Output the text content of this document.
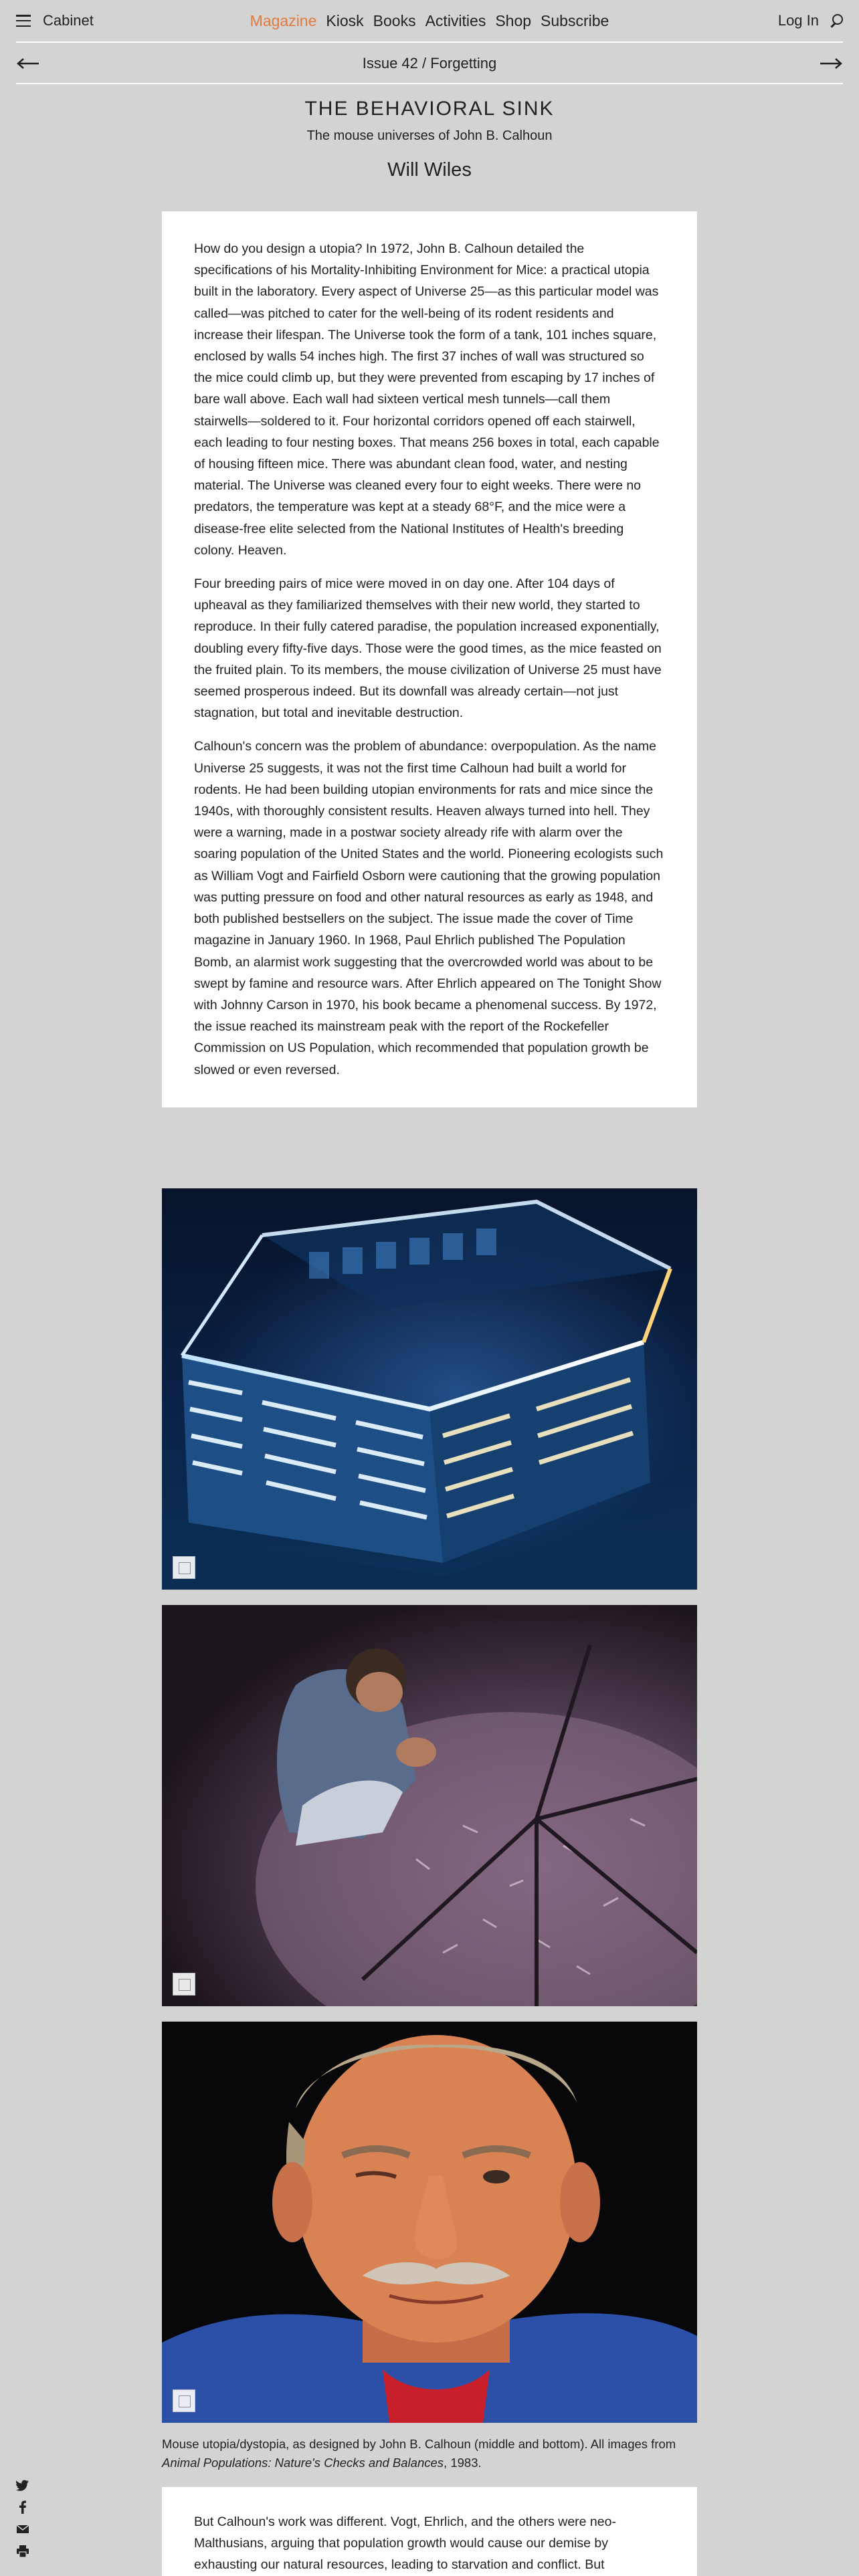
Cabinet	Magazine Kiosk Books Activities Shop Subscribe	Log In
Issue 42 / Forgetting
THE BEHAVIORAL SINK
The mouse universes of John B. Calhoun
Will Wiles

How do you design a utopia? In 1972, John B. Calhoun detailed the specifications of his Mortality-Inhibiting Environment for Mice: a practical utopia built in the laboratory. Every aspect of Universe 25—as this particular model was called—was pitched to cater for the well-being of its rodent residents and increase their lifespan. The Universe took the form of a tank, 101 inches square, enclosed by walls 54 inches high. The first 37 inches of wall was structured so the mice could climb up, but they were prevented from escaping by 17 inches of bare wall above. Each wall had sixteen vertical mesh tunnels—call them stairwells—soldered to it. Four horizontal corridors opened off each stairwell, each leading to four nesting boxes. That means 256 boxes in total, each capable of housing fifteen mice. There was abundant clean food, water, and nesting material. The Universe was cleaned every four to eight weeks. There were no predators, the temperature was kept at a steady 68°F, and the mice were a disease-free elite selected from the National Institutes of Health's breeding colony. Heaven.

Four breeding pairs of mice were moved in on day one. After 104 days of upheaval as they familiarized themselves with their new world, they started to reproduce. In their fully catered paradise, the population increased exponentially, doubling every fifty-five days. Those were the good times, as the mice feasted on the fruited plain. To its members, the mouse civilization of Universe 25 must have seemed prosperous indeed. But its downfall was already certain—not just stagnation, but total and inevitable destruction.

Calhoun's concern was the problem of abundance: overpopulation. As the name Universe 25 suggests, it was not the first time Calhoun had built a world for rodents. He had been building utopian environments for rats and mice since the 1940s, with thoroughly consistent results. Heaven always turned into hell. They were a warning, made in a postwar society already rife with alarm over the soaring population of the United States and the world. Pioneering ecologists such as William Vogt and Fairfield Osborn were cautioning that the growing population was putting pressure on food and other natural resources as early as 1948, and both published bestsellers on the subject. The issue made the cover of Time magazine in January 1960. In 1968, Paul Ehrlich published The Population Bomb, an alarmist work suggesting that the overcrowded world was about to be swept by famine and resource wars. After Ehrlich appeared on The Tonight Show with Johnny Carson in 1970, his book became a phenomenal success. By 1972, the issue reached its mainstream peak with the report of the Rockefeller Commission on US Population, which recommended that population growth be slowed or even reversed.

Mouse utopia/dystopia, as designed by John B. Calhoun (middle and bottom). All images from Animal Populations: Nature's Checks and Balances, 1983.

But Calhoun's work was different. Vogt, Ehrlich, and the others were neo-Malthusians, arguing that population growth would cause our demise by exhausting our natural resources, leading to starvation and conflict. But
